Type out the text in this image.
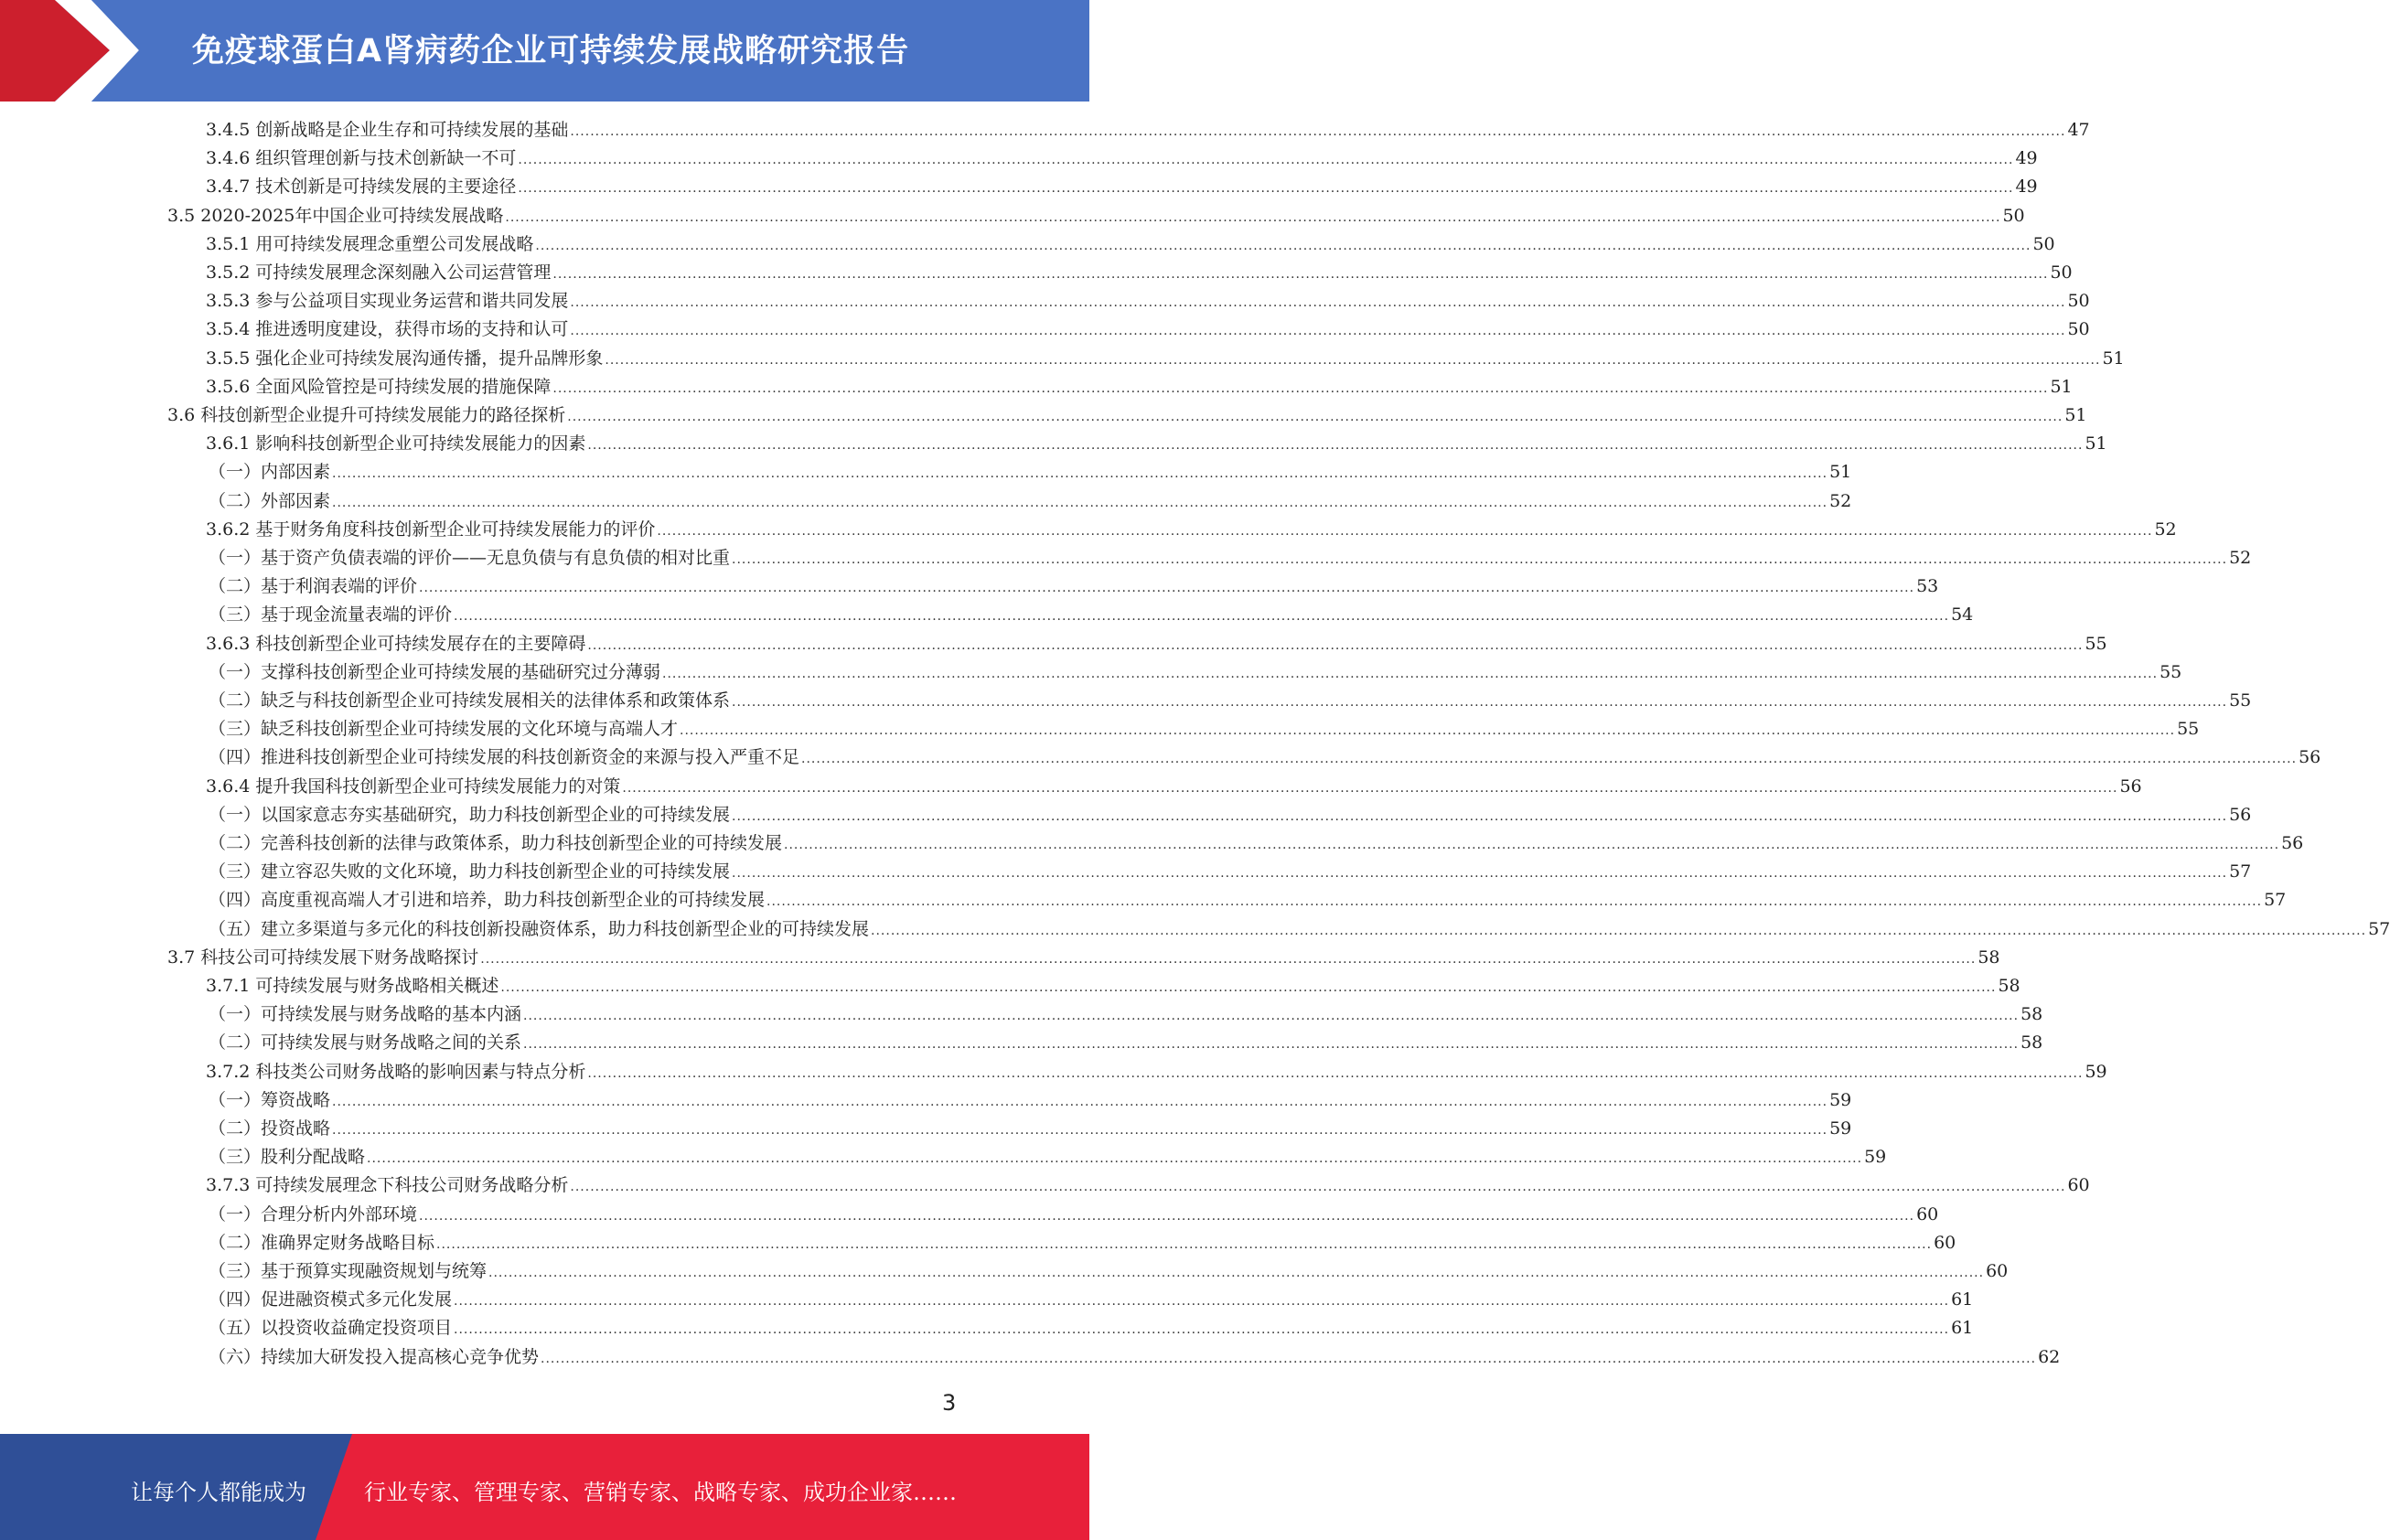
免疫球蛋白A肾病药企业可持续发展战略研究报告
3.4.5 创新战略是企业生存和可持续发展的基础 ............................................................................................................................................................................................................................................................................................................ 47
3.4.6 组织管理创新与技术创新缺一不可 ............................................................................................................................................................................................................................................................................................................ 49
3.4.7 技术创新是可持续发展的主要途径 ............................................................................................................................................................................................................................................................................................................ 49
3.5 2020-2025年中国企业可持续发展战略 ............................................................................................................................................................................................................................................................................................................ 50
3.5.1 用可持续发展理念重塑公司发展战略 ............................................................................................................................................................................................................................................................................................................ 50
3.5.2 可持续发展理念深刻融入公司运营管理 ............................................................................................................................................................................................................................................................................................................ 50
3.5.3 参与公益项目实现业务运营和谐共同发展 ............................................................................................................................................................................................................................................................................................................ 50
3.5.4 推进透明度建设，获得市场的支持和认可 ............................................................................................................................................................................................................................................................................................................ 50
3.5.5 强化企业可持续发展沟通传播，提升品牌形象 ............................................................................................................................................................................................................................................................................................................ 51
3.5.6 全面风险管控是可持续发展的措施保障 ............................................................................................................................................................................................................................................................................................................ 51
3.6 科技创新型企业提升可持续发展能力的路径探析 ............................................................................................................................................................................................................................................................................................................ 51
3.6.1 影响科技创新型企业可持续发展能力的因素 ............................................................................................................................................................................................................................................................................................................ 51
（一）内部因素 ............................................................................................................................................................................................................................................................................................................ 51
（二）外部因素 ............................................................................................................................................................................................................................................................................................................ 52
3.6.2 基于财务角度科技创新型企业可持续发展能力的评价 ............................................................................................................................................................................................................................................................................................................ 52
（一）基于资产负债表端的评价——无息负债与有息负债的相对比重 ............................................................................................................................................................................................................................................................................................................ 52
（二）基于利润表端的评价 ............................................................................................................................................................................................................................................................................................................ 53
（三）基于现金流量表端的评价 ............................................................................................................................................................................................................................................................................................................ 54
3.6.3 科技创新型企业可持续发展存在的主要障碍 ............................................................................................................................................................................................................................................................................................................ 55
（一）支撑科技创新型企业可持续发展的基础研究过分薄弱 ............................................................................................................................................................................................................................................................................................................ 55
（二）缺乏与科技创新型企业可持续发展相关的法律体系和政策体系 ............................................................................................................................................................................................................................................................................................................ 55
（三）缺乏科技创新型企业可持续发展的文化环境与高端人才 ............................................................................................................................................................................................................................................................................................................ 55
（四）推进科技创新型企业可持续发展的科技创新资金的来源与投入严重不足 ............................................................................................................................................................................................................................................................................................................ 56
3.6.4 提升我国科技创新型企业可持续发展能力的对策 ............................................................................................................................................................................................................................................................................................................ 56
（一）以国家意志夯实基础研究，助力科技创新型企业的可持续发展 ............................................................................................................................................................................................................................................................................................................ 56
（二）完善科技创新的法律与政策体系，助力科技创新型企业的可持续发展 ............................................................................................................................................................................................................................................................................................................ 56
（三）建立容忍失败的文化环境，助力科技创新型企业的可持续发展 ............................................................................................................................................................................................................................................................................................................ 57
（四）高度重视高端人才引进和培养，助力科技创新型企业的可持续发展 ............................................................................................................................................................................................................................................................................................................ 57
（五）建立多渠道与多元化的科技创新投融资体系，助力科技创新型企业的可持续发展 ............................................................................................................................................................................................................................................................................................................ 57
3.7 科技公司可持续发展下财务战略探讨 ............................................................................................................................................................................................................................................................................................................ 58
3.7.1 可持续发展与财务战略相关概述 ............................................................................................................................................................................................................................................................................................................ 58
（一）可持续发展与财务战略的基本内涵 ............................................................................................................................................................................................................................................................................................................ 58
（二）可持续发展与财务战略之间的关系 ............................................................................................................................................................................................................................................................................................................ 58
3.7.2 科技类公司财务战略的影响因素与特点分析 ............................................................................................................................................................................................................................................................................................................ 59
（一）筹资战略 ............................................................................................................................................................................................................................................................................................................ 59
（二）投资战略 ............................................................................................................................................................................................................................................................................................................ 59
（三）股利分配战略 ............................................................................................................................................................................................................................................................................................................ 59
3.7.3 可持续发展理念下科技公司财务战略分析 ............................................................................................................................................................................................................................................................................................................ 60
（一）合理分析内外部环境 ............................................................................................................................................................................................................................................................................................................ 60
（二）准确界定财务战略目标 ............................................................................................................................................................................................................................................................................................................ 60
（三）基于预算实现融资规划与统筹 ............................................................................................................................................................................................................................................................................................................ 60
（四）促进融资模式多元化发展 ............................................................................................................................................................................................................................................................................................................ 61
（五）以投资收益确定投资项目 ............................................................................................................................................................................................................................................................................................................ 61
（六）持续加大研发投入提高核心竞争优势 ............................................................................................................................................................................................................................................................................................................ 62
3
让每个人都能成为	行业专家、管理专家、营销专家、战略专家、成功企业家……
